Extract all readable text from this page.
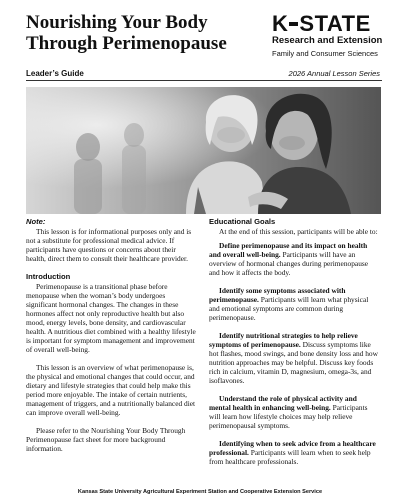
Nourishing Your Body Through Perimenopause
K STATE
Research and Extension
Family and Consumer Sciences
Leader’s Guide	2026 Annual Lesson Series
Note:

This lesson is for informational purposes only and is not a substitute for professional medical advice. If participants have questions or concerns about their health, direct them to consult their healthcare provider.

Introduction

Perimenopause is a transitional phase before menopause when the woman’s body undergoes significant hormonal changes. The changes in these hormones affect not only reproductive health but also mood, energy levels, bone density, and cardiovascular health. A nutritious diet combined with a healthy lifestyle is important for symptom management and improvement of overall well-being.

This lesson is an overview of what perimenopause is, the physical and emotional changes that could occur, and dietary and lifestyle strategies that could help make this period more enjoyable. The intake of certain nutrients, management of triggers, and a nutritionally balanced diet can improve overall well-being.

Please refer to the Nourishing Your Body Through Perimenopause fact sheet for more background information.

Educational Goals

At the end of this session, participants will be able to:

Define perimenopause and its impact on health and overall well-being. Participants will have an overview of hormonal changes during perimenopause and how it affects the body.

Identify some symptoms associated with perimenopause. Participants will learn what physical and emotional symptoms are common during perimenopause.

Identify nutritional strategies to help relieve symptoms of perimenopause. Discuss symptoms like hot flashes, mood swings, and bone density loss and how nutrition approaches may be helpful. Discuss key foods rich in calcium, vitamin D, magnesium, omega-3s, and isoflavones.

Understand the role of physical activity and mental health in enhancing well-being. Participants will learn how lifestyle choices may help relieve perimenopausal symptoms.

Identifying when to seek advice from a healthcare professional. Participants will learn when to seek help from healthcare professionals.

Kansas State University Agricultural Experiment Station and Cooperative Extension Service
